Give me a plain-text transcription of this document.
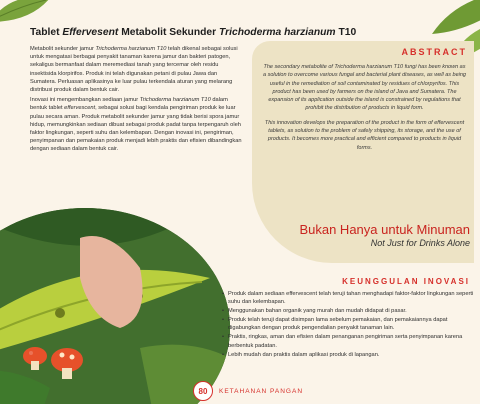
Tablet Effervesent Metabolit Sekunder Trichoderma harzianum T10

Metabolit sekunder jamur Trichoderma harzianum T10 telah dikenal sebagai solusi untuk mengatasi berbagai penyakit tanaman karena jamur dan bakteri patogen, sekaligus bermanfaat dalam meremediasi tanah yang tercemar oleh residu insektisida klorpirifos. Produk ini telah digunakan petani di pulau Jawa dan Sumatera. Perluasan aplikasinya ke luar pulau terkendala aturan yang melarang distribusi produk dalam bentuk cair.

Inovasi ini mengembangkan sediaan jamur Trichoderma harzianum T10 dalam bentuk tablet effervescent, sebagai solusi bagi kendala pengiriman produk ke luar pulau secara aman. Produk metabolit sekunder jamur yang tidak berisi spora jamur hidup, memungkinkan sediaan dibuat sebagai produk padat tanpa terpengaruh oleh faktor lingkungan, seperti suhu dan kelembapan. Dengan inovasi ini, pengiriman, penyimpanan dan pemakaian produk menjadi lebih praktis dan efisien dibandingkan dengan sediaan dalam bentuk cair.

ABSTRACT

The secondary metabolite of Trichoderma harzianum T10 fungi has been known as a solution to overcome various fungal and bacterial plant diseases, as well as being useful in the remediation of soil contaminated by residues of chlorpyrifos. This product has been used by farmers on the island of Java and Sumatera. The expansion of its application outside the island is constrained by regulations that prohibit the distribution of products in liquid form.

This innovation develops the preparation of the product in the form of effervescent tablets, as solution to the problem of safely shipping, its storage, and the use of products. It becomes more practical and efficient compared to products in liquid forms.

Bukan Hanya untuk Minuman
Not Just for Drinks Alone
KEUNGGULAN INOVASI
• Produk dalam sediaan effervescent telah teruji tahan menghadapi faktor-faktor lingkungan seperti suhu dan kelembapan.
• Menggunakan bahan organik yang murah dan mudah didapat di pasar.
• Produk telah teruji dapat disimpan lama sebelum pemakaian, dan pemakaiannya dapat digabungkan dengan produk pengendalian penyakit tanaman lain.
• Praktis, ringkas, aman dan efisien dalam penanganan pengiriman serta penyimpanan karena berbentuk padatan.
• Lebih mudah dan praktis dalam aplikasi produk di lapangan.
80	KETAHANAN PANGAN
